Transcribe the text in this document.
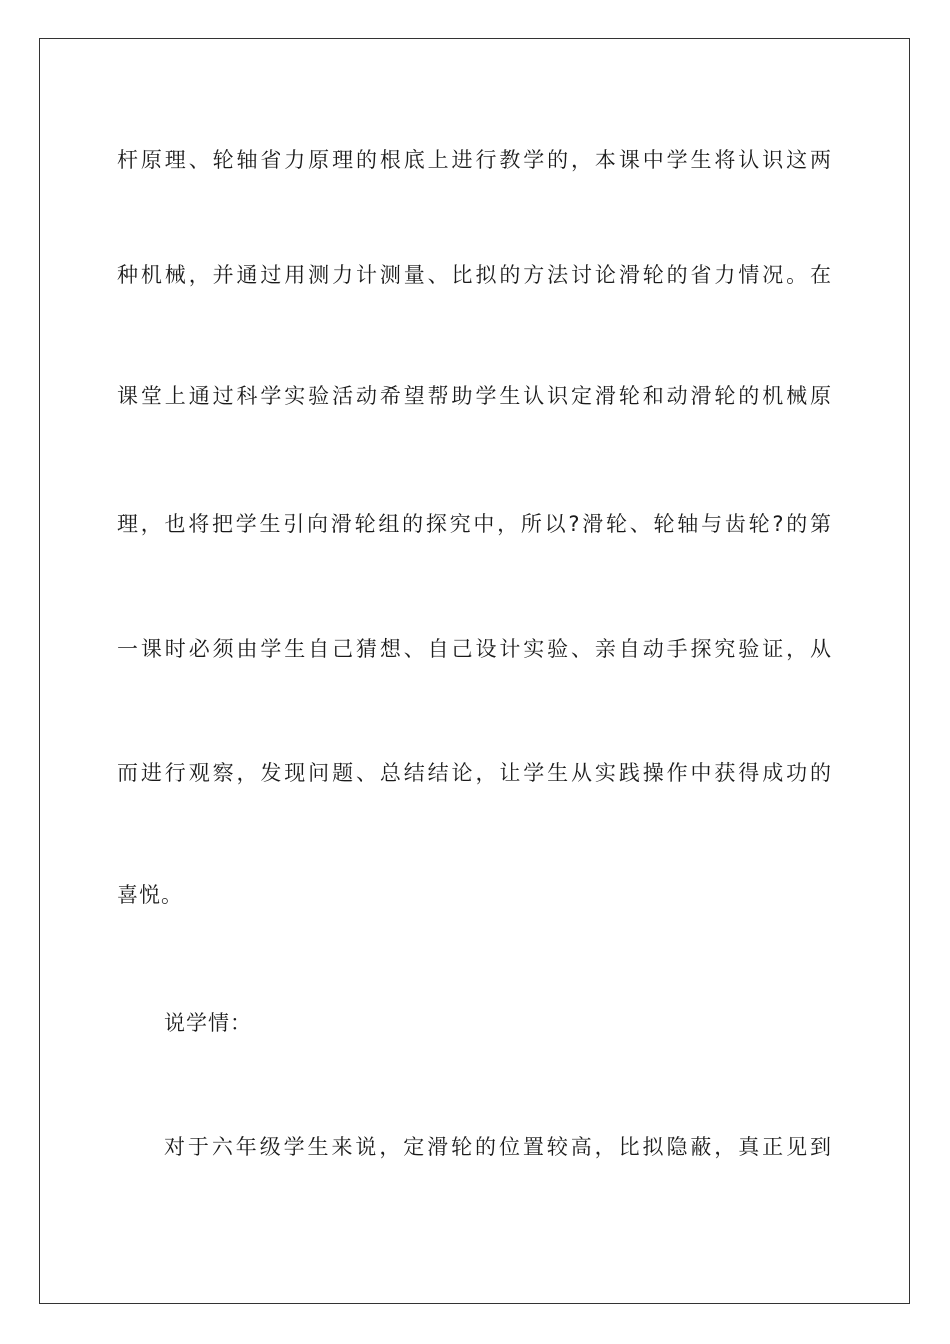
杆原理、轮轴省力原理的根底上进行教学的，本课中学生将认识这两
种机械，并通过用测力计测量、比拟的方法讨论滑轮的省力情况。在
课堂上通过科学实验活动希望帮助学生认识定滑轮和动滑轮的机械原
理，也将把学生引向滑轮组的探究中，所以?滑轮、轮轴与齿轮?的第
一课时必须由学生自己猜想、自己设计实验、亲自动手探究验证，从
而进行观察，发现问题、总结结论，让学生从实践操作中获得成功的
喜悦。
说学情：
对于六年级学生来说，定滑轮的位置较高，比拟隐蔽，真正见到
